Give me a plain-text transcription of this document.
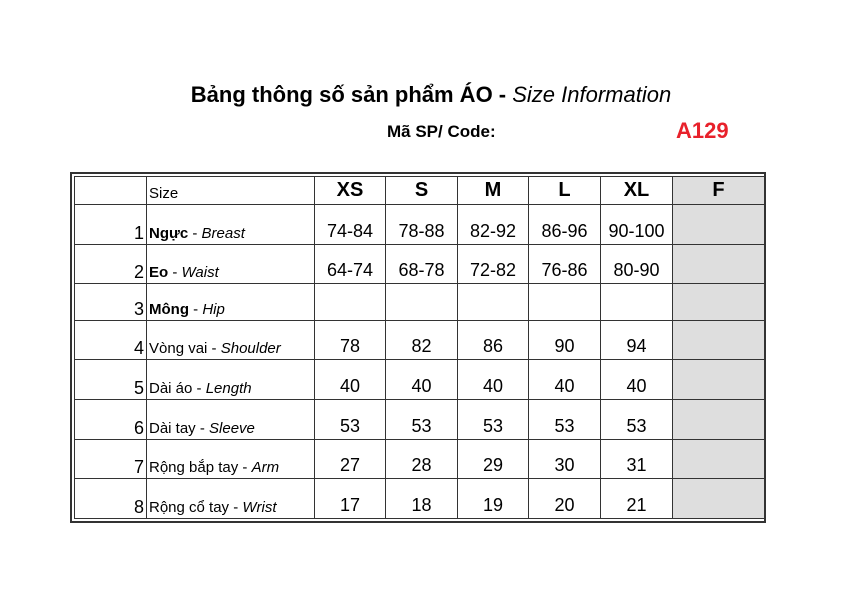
Bảng thông số sản phẩm ÁO - Size Information
Mã SP/ Code:	A129
	Size	XS	S	M	L	XL	F
1	Ngực - Breast	74-84	78-88	82-92	86-96	90-100	
2	Eo - Waist	64-74	68-78	72-82	76-86	80-90	
3	Mông - Hip						
4	Vòng vai - Shoulder	78	82	86	90	94	
5	Dài áo - Length	40	40	40	40	40	
6	Dài tay - Sleeve	53	53	53	53	53	
7	Rộng bắp tay - Arm	27	28	29	30	31	
8	Rộng cổ tay - Wrist	17	18	19	20	21	
